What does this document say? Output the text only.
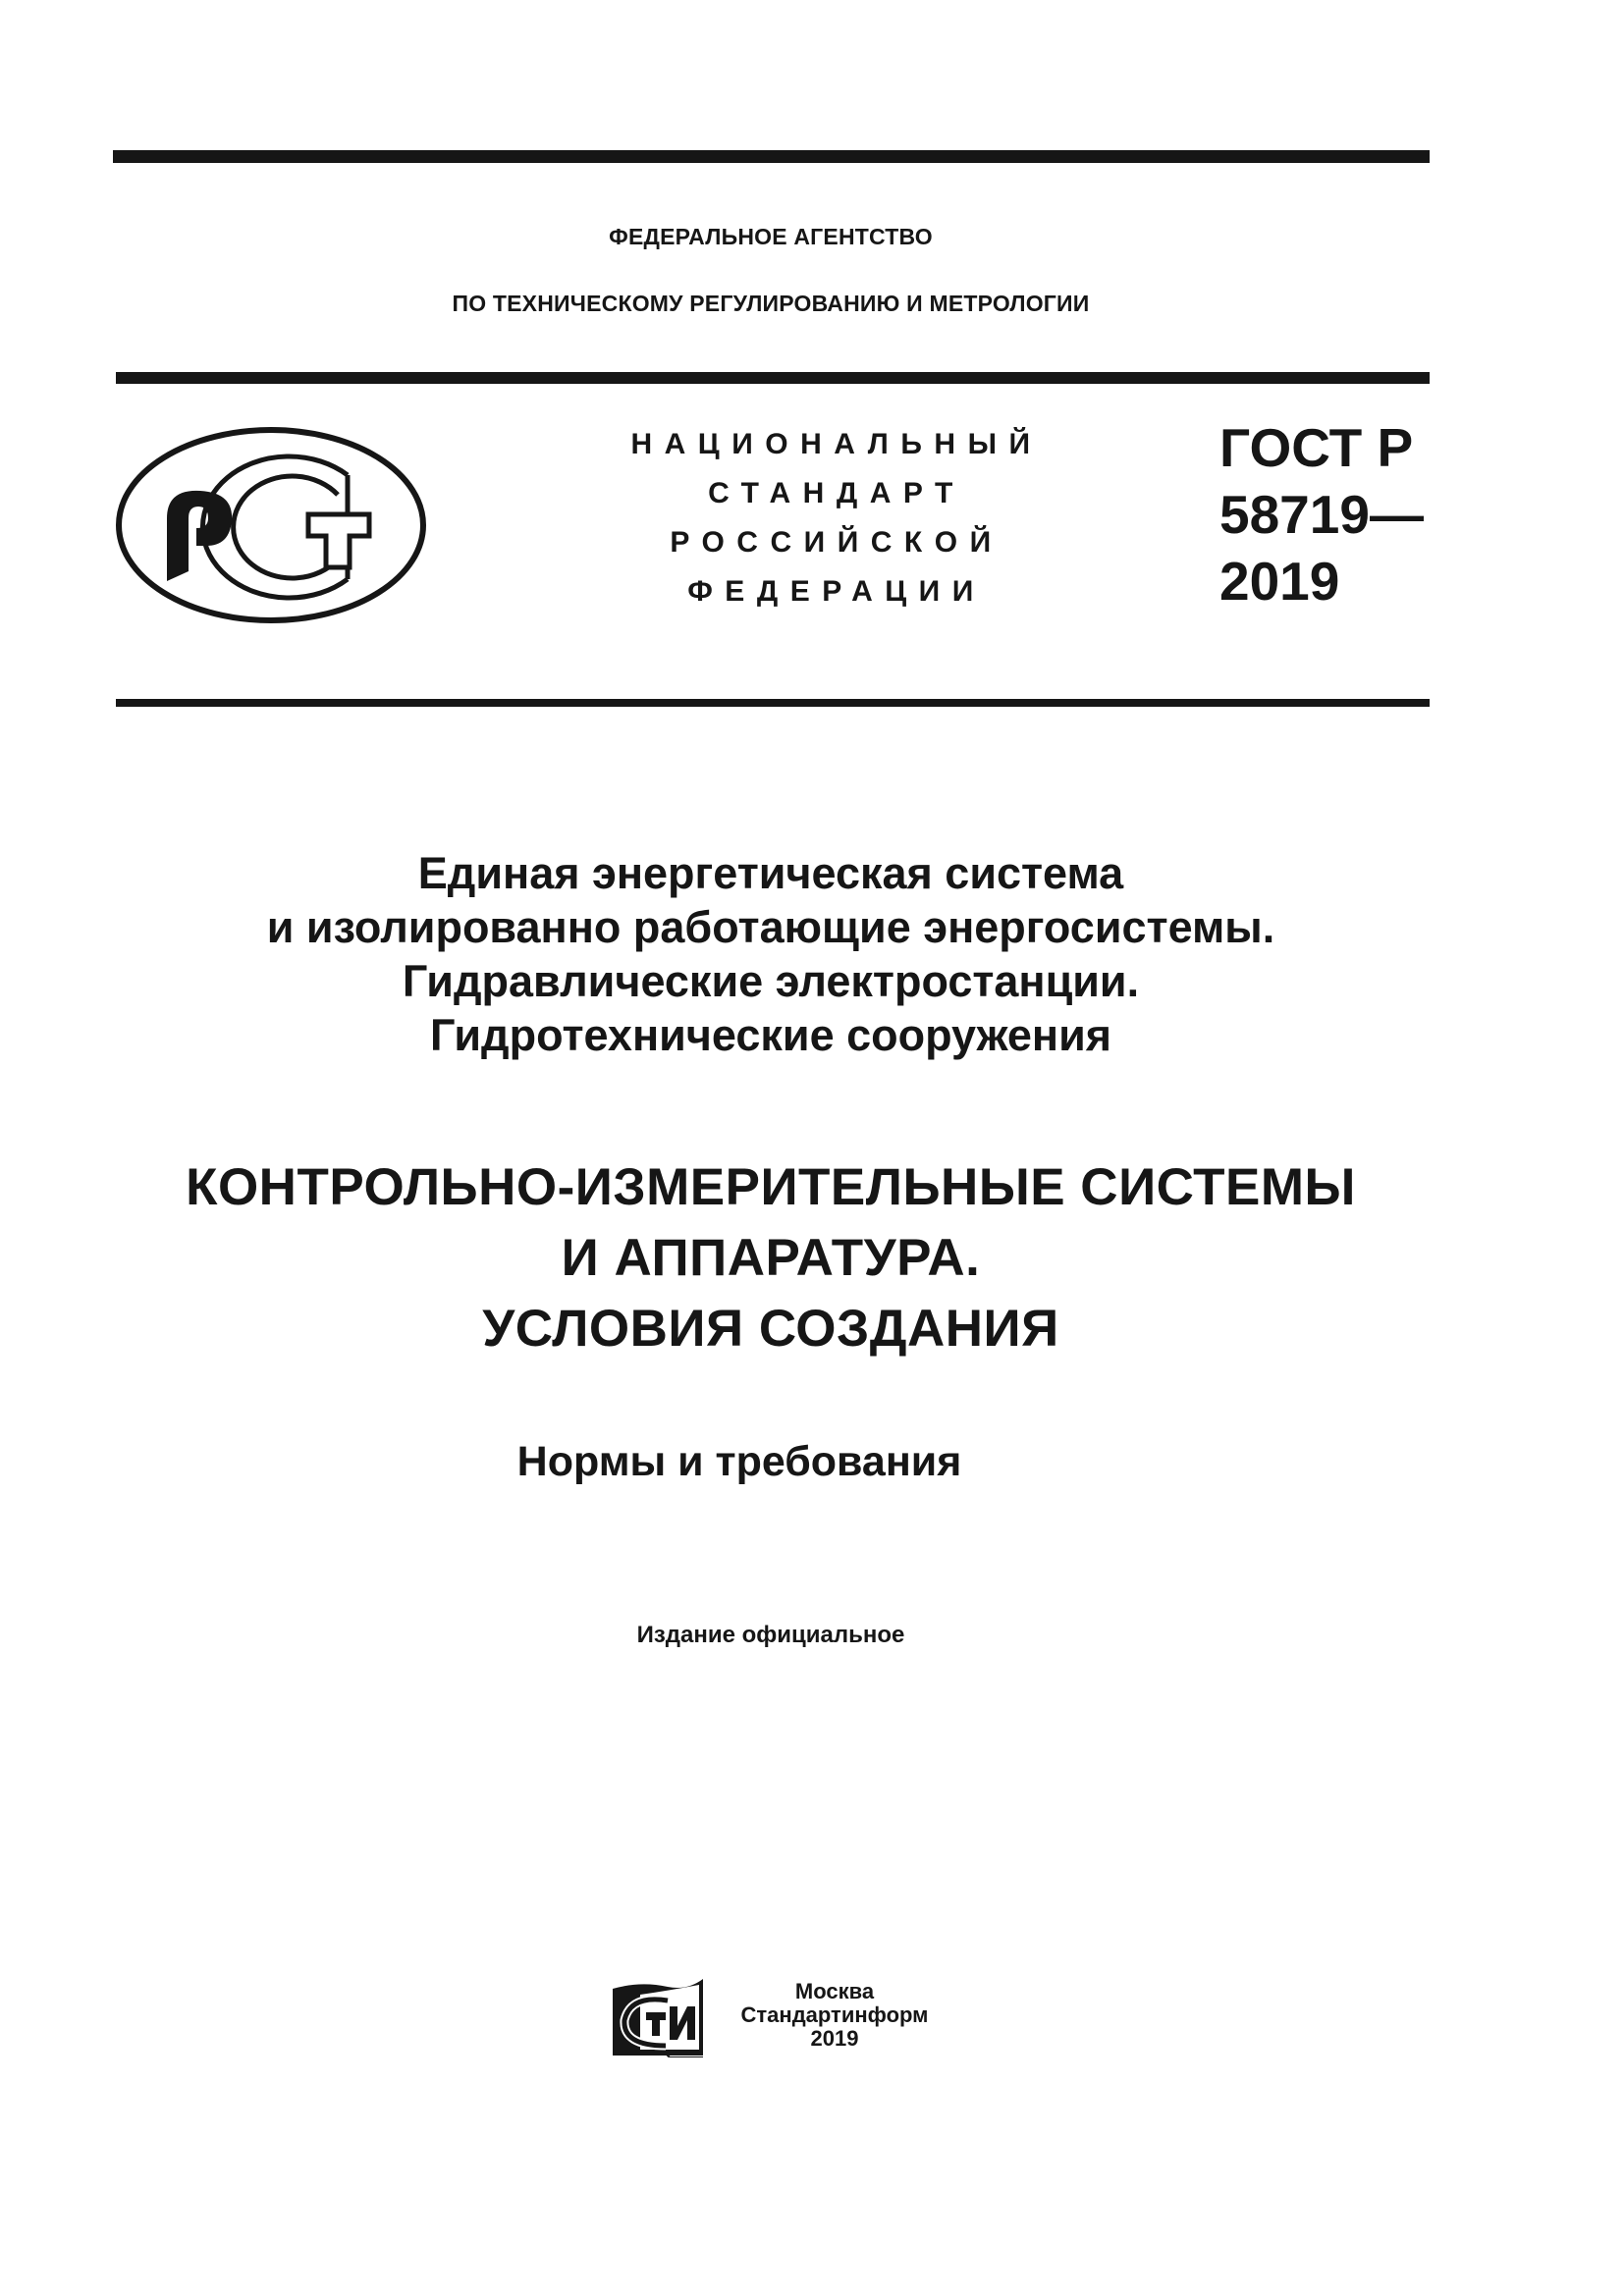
ФЕДЕРАЛЬНОЕ АГЕНТСТВО
ПО ТЕХНИЧЕСКОМУ РЕГУЛИРОВАНИЮ И МЕТРОЛОГИИ
НАЦИОНАЛЬНЫЙ
СТАНДАРТ
РОССИЙСКОЙ
ФЕДЕРАЦИИ
ГОСТ Р
58719—
2019
Единая энергетическая система
и изолированно работающие энергосистемы.
Гидравлические электростанции.
Гидротехнические сооружения
КОНТРОЛЬНО-ИЗМЕРИТЕЛЬНЫЕ СИСТЕМЫ
И АППАРАТУРА.
УСЛОВИЯ СОЗДАНИЯ
Нормы и требования
Издание официальное
Москва
Стандартинформ
2019
